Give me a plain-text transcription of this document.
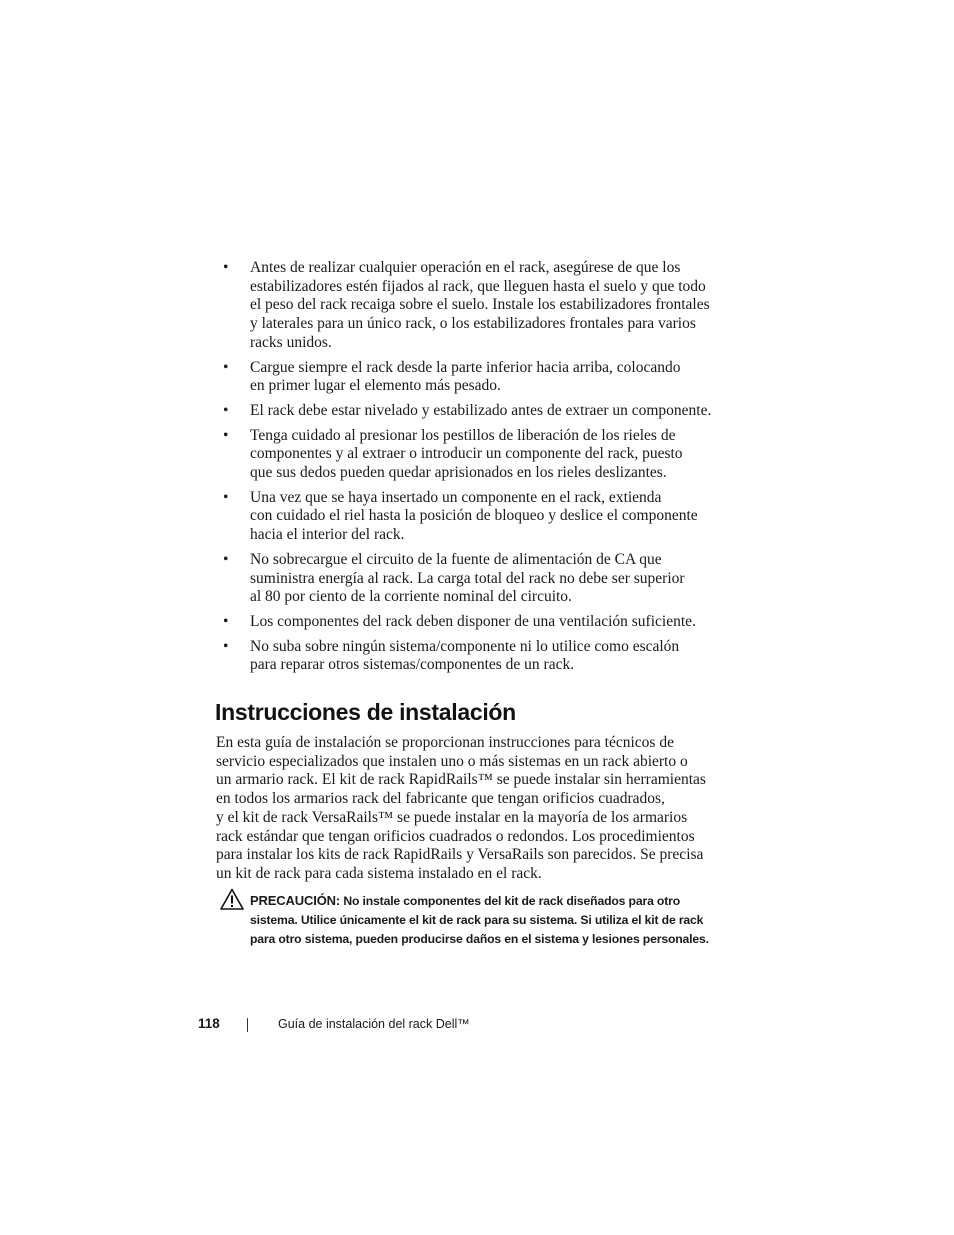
• Antes de realizar cualquier operación en el rack, asegúrese de que los
estabilizadores estén fijados al rack, que lleguen hasta el suelo y que todo
el peso del rack recaiga sobre el suelo. Instale los estabilizadores frontales
y laterales para un único rack, o los estabilizadores frontales para varios
racks unidos.
• Cargue siempre el rack desde la parte inferior hacia arriba, colocando
en primer lugar el elemento más pesado.
• El rack debe estar nivelado y estabilizado antes de extraer un componente.
• Tenga cuidado al presionar los pestillos de liberación de los rieles de
componentes y al extraer o introducir un componente del rack, puesto
que sus dedos pueden quedar aprisionados en los rieles deslizantes.
• Una vez que se haya insertado un componente en el rack, extienda
con cuidado el riel hasta la posición de bloqueo y deslice el componente
hacia el interior del rack.
• No sobrecargue el circuito de la fuente de alimentación de CA que
suministra energía al rack. La carga total del rack no debe ser superior
al 80 por ciento de la corriente nominal del circuito.
• Los componentes del rack deben disponer de una ventilación suficiente.
• No suba sobre ningún sistema/componente ni lo utilice como escalón
para reparar otros sistemas/componentes de un rack.
Instrucciones de instalación

En esta guía de instalación se proporcionan instrucciones para técnicos de
servicio especializados que instalen uno o más sistemas en un rack abierto o
un armario rack. El kit de rack RapidRails™ se puede instalar sin herramientas
en todos los armarios rack del fabricante que tengan orificios cuadrados,
y el kit de rack VersaRails™ se puede instalar en la mayoría de los armarios
rack estándar que tengan orificios cuadrados o redondos. Los procedimientos
para instalar los kits de rack RapidRails y VersaRails son parecidos. Se precisa
un kit de rack para cada sistema instalado en el rack.

PRECAUCIÓN: No instale componentes del kit de rack diseñados para otro
sistema. Utilice únicamente el kit de rack para su sistema. Si utiliza el kit de rack
para otro sistema, pueden producirse daños en el sistema y lesiones personales.

118	Guía de instalación del rack Dell™
